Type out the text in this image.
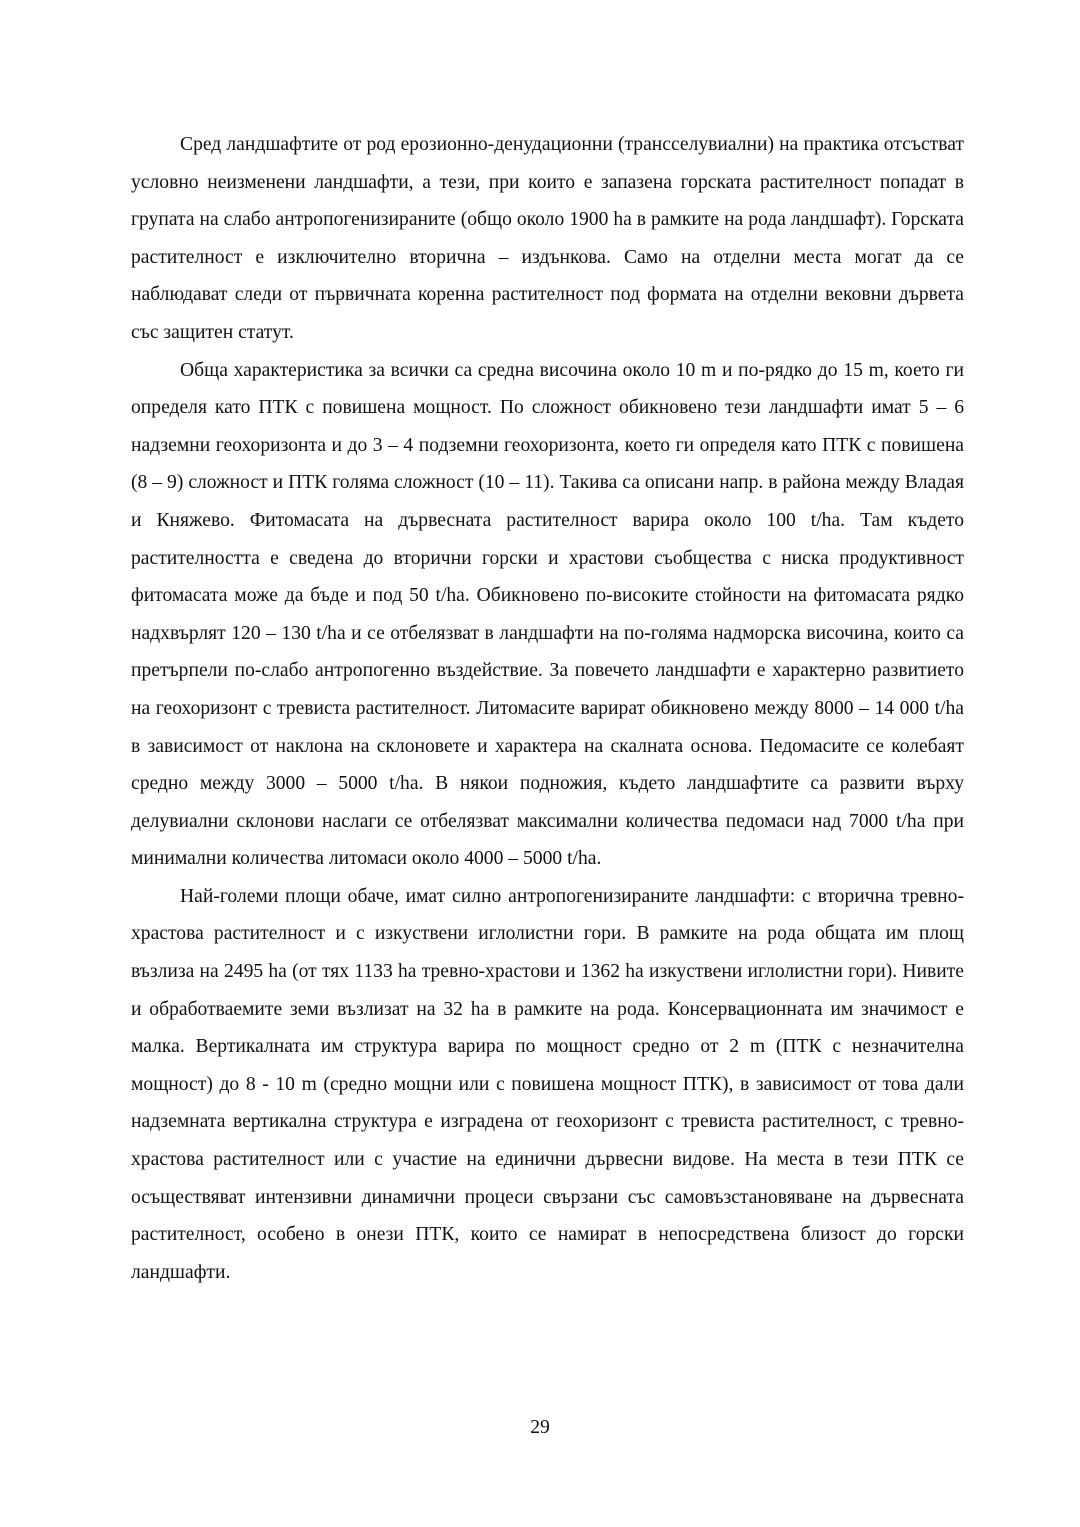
Сред ландшафтите от род ерозионно-денудационни (трансселувиални) на практика отсъстват условно неизменени ландшафти, а тези, при които е запазена горската растителност попадат в групата на слабо антропогенизираните (общо около 1900 ha в рамките на рода ландшафт). Горската растителност е изключително вторична – издънкова. Само на отделни места могат да се наблюдават следи от първичната коренна растителност под формата на отделни вековни дървета със защитен статут.

Обща характеристика за всички са средна височина около 10 m и по-рядко до 15 m, което ги определя като ПТК с повишена мощност. По сложност обикновено тези ландшафти имат 5 – 6 надземни геохоризонта и до 3 – 4 подземни геохоризонта, което ги определя като ПТК с повишена (8 – 9) сложност и ПТК голяма сложност (10 – 11). Такива са описани напр. в района между Владая и Княжево. Фитомасата на дървесната растителност варира около 100 t/ha. Там където растителността е сведена до вторични горски и храстови съобщества с ниска продуктивност фитомасата може да бъде и под 50 t/ha. Обикновено по-високите стойности на фитомасата рядко надхвърлят 120 – 130 t/ha и се отбелязват в ландшафти на по-голяма надморска височина, които са претърпели по-слабо антропогенно въздействие. За повечето ландшафти е характерно развитието на геохоризонт с тревиста растителност. Литомасите варират обикновено между 8000 – 14 000 t/ha в зависимост от наклона на склоновете и характера на скалната основа. Педомасите се колебаят средно между 3000 – 5000 t/ha. В някои подножия, където ландшафтите са развити върху делувиални склонови наслаги се отбелязват максимални количества педомаси над 7000 t/ha при минимални количества литомаси около 4000 – 5000 t/ha.

Най-големи площи обаче, имат силно антропогенизираните ландшафти: с вторична тревно-храстова растителност и с изкуствени иглолистни гори. В рамките на рода общата им площ възлиза на 2495 ha (от тях 1133 ha тревно-храстови и 1362 ha изкуствени иглолистни гори). Нивите и обработваемите земи възлизат на 32 ha в рамките на рода. Консервационната им значимост е малка. Вертикалната им структура варира по мощност средно от 2 m (ПТК с незначителна мощност) до 8 - 10 m (средно мощни или с повишена мощност ПТК), в зависимост от това дали надземната вертикална структура е изградена от геохоризонт с тревиста растителност, с тревно-храстова растителност или с участие на единични дървесни видове. На места в тези ПТК се осъществяват интензивни динамични процеси свързани със самовъзстановяване на дървесната растителност, особено в онези ПТК, които се намират в непосредствена близост до горски ландшафти.

29
